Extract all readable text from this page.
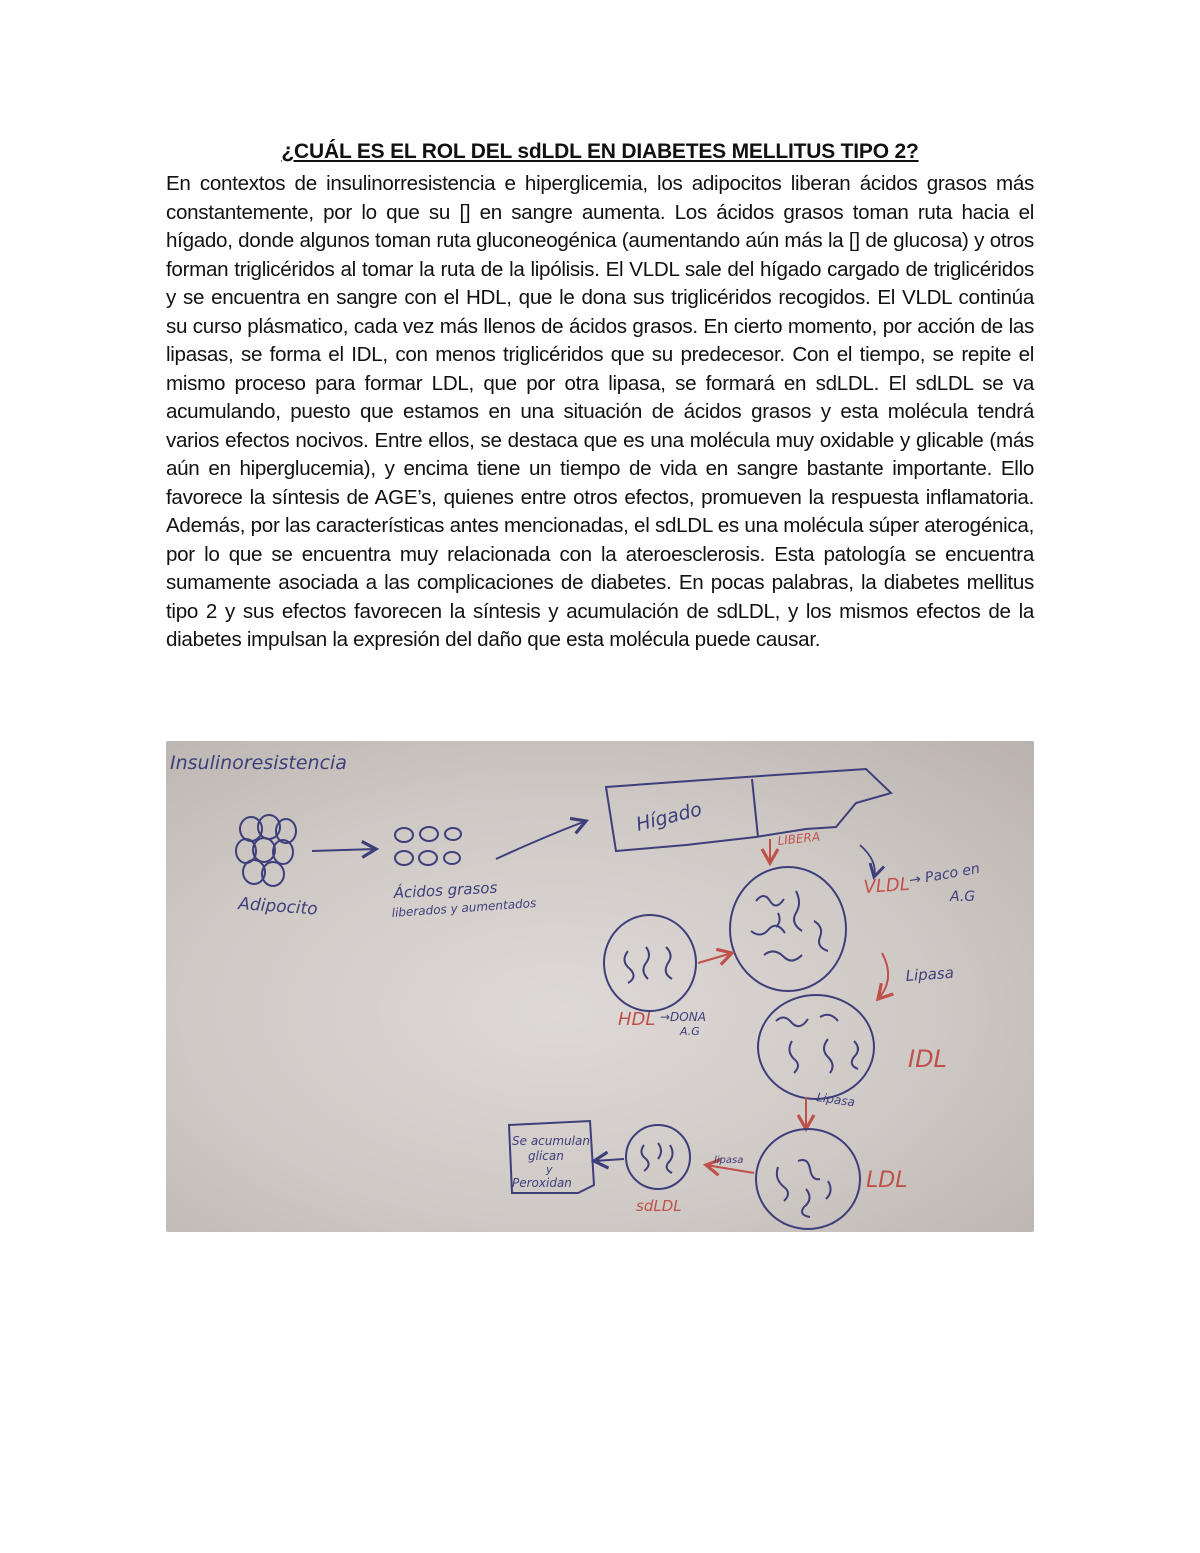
¿CUÁL ES EL ROL DEL sdLDL EN DIABETES MELLITUS TIPO 2?

En contextos de insulinorresistencia e hiperglicemia, los adipocitos liberan ácidos grasos más constantemente, por lo que su [] en sangre aumenta. Los ácidos grasos toman ruta hacia el hígado, donde algunos toman ruta gluconeogénica (aumentando aún más la [] de glucosa) y otros forman triglicéridos al tomar la ruta de la lipólisis. El VLDL sale del hígado cargado de triglicéridos y se encuentra en sangre con el HDL, que le dona sus triglicéridos recogidos. El VLDL continúa su curso plásmatico, cada vez más llenos de ácidos grasos. En cierto momento, por acción de las lipasas, se forma el IDL, con menos triglicéridos que su predecesor. Con el tiempo, se repite el mismo proceso para formar LDL, que por otra lipasa, se formará en sdLDL. El sdLDL se va acumulando, puesto que estamos en una situación de ácidos grasos y esta molécula tendrá varios efectos nocivos. Entre ellos, se destaca que es una molécula muy oxidable y glicable (más aún en hiperglucemia), y encima tiene un tiempo de vida en sangre bastante importante. Ello favorece la síntesis de AGE’s, quienes entre otros efectos, promueven la respuesta inflamatoria. Además, por las características antes mencionadas, el sdLDL es una molécula súper aterogénica, por lo que se encuentra muy relacionada con la ateroesclerosis. Esta patología se encuentra sumamente asociada a las complicaciones de diabetes. En pocas palabras, la diabetes mellitus tipo 2 y sus efectos favorecen la síntesis y acumulación de sdLDL, y los mismos efectos de la diabetes impulsan la expresión del daño que esta molécula puede causar.

Insulinoresistencia
Adipocito
Ácidos grasos
liberados y aumentados
Hígado
LIBERA
VLDL
→ Paco en
A.G
HDL →DONA
A.G
Lipasa
IDL
Lipasa
LDL
lipasa
sdLDL
Se acumulan
glican
y
Peroxidan
